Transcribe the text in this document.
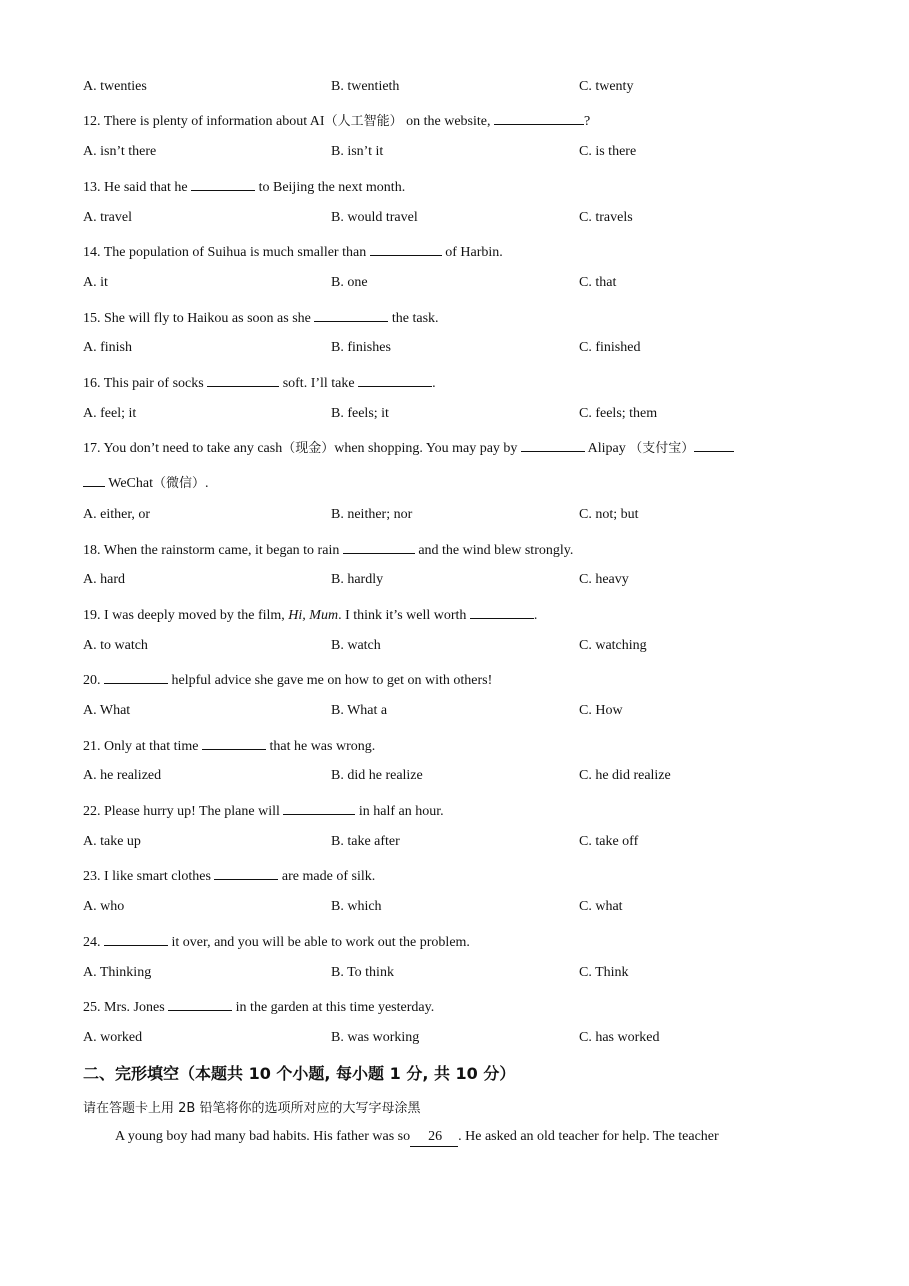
A. twenties	B. twentieth	C. twenty
12. There is plenty of information about AI（人工智能） on the website,	?
A. isn’t there	B. isn’t it	C. is there
13. He said that he	to Beijing the next month.
A. travel	B. would travel	C. travels
14. The population of Suihua is much smaller than	of Harbin.
A. it	B. one	C. that
15. She will fly to Haikou as soon as she	the task.
A. finish	B. finishes	C. finished
16. This pair of socks	soft. I’ll take	.
A. feel; it	B. feels; it	C. feels; them
17. You don’t need to take any cash（现金）when shopping. You may pay by	Alipay （支付宝）
WeChat（微信）.
A. either, or	B. neither; nor	C. not; but
18. When the rainstorm came, it began to rain	and the wind blew strongly.
A. hard	B. hardly	C. heavy
19. I was deeply moved by the film, Hi, Mum. I think it’s well worth	.
A. to watch	B. watch	C. watching
20.	helpful advice she gave me on how to get on with others!
A. What	B. What a	C. How
21. Only at that time	that he was wrong.
A. he realized	B. did he realize	C. he did realize
22. Please hurry up! The plane will	in half an hour.
A. take up	B. take after	C. take off
23. I like smart clothes	are made of silk.
A. who	B. which	C. what
24.	it over, and you will be able to work out the problem.
A. Thinking	B. To think	C. Think
25. Mrs. Jones	in the garden at this time yesterday.
A. worked	B. was working	C. has worked
二、完形填空（本题共 10 个小题, 每小题 1 分, 共 10 分）
请在答题卡上用 2B 铅笔将你的选项所对应的大写字母涂黑
A young boy had many bad habits. His father was so 26 . He asked an old teacher for help. The teacher
